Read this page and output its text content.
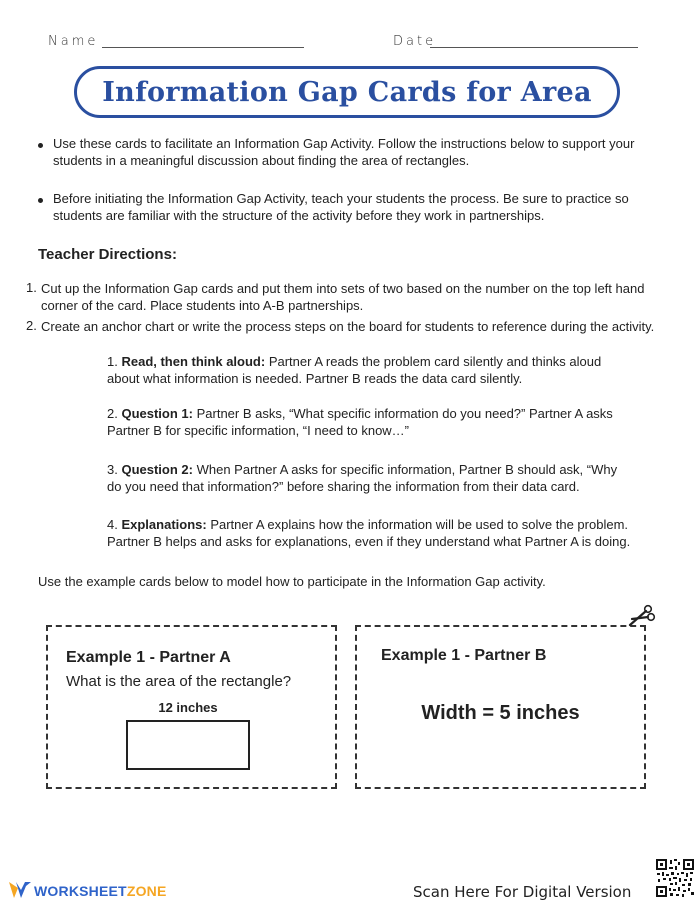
Name	Date
Information Gap Cards for Area
Use these cards to facilitate an Information Gap Activity. Follow the instructions below to support your students in a meaningful discussion about finding the area of rectangles.
Before initiating the Information Gap Activity, teach your students the process. Be sure to practice so students are familiar with the structure of the activity before they work in partnerships.
Teacher Directions:
1. Cut up the Information Gap cards and put them into sets of two based on the number on the top left hand corner of the card. Place students into A-B partnerships.
2. Create an anchor chart or write the process steps on the board for students to reference during the activity.
1. Read, then think aloud: Partner A reads the problem card silently and thinks aloud about what information is needed. Partner B reads the data card silently.
2. Question 1: Partner B asks, “What specific information do you need?” Partner A asks Partner B for specific information, “I need to know…”
3. Question 2: When Partner A asks for specific information, Partner B should ask, “Why do you need that information?” before sharing the information from their data card.
4. Explanations: Partner A explains how the information will be used to solve the problem. Partner B helps and asks for explanations, even if they understand what Partner A is doing.
Use the example cards below to model how to participate in the Information Gap activity.
Example 1 - Partner A
What is the area of the rectangle?
12 inches
Example 1 - Partner B
Width = 5 inches
WORKSHEETZONE	Scan Here For Digital Version
